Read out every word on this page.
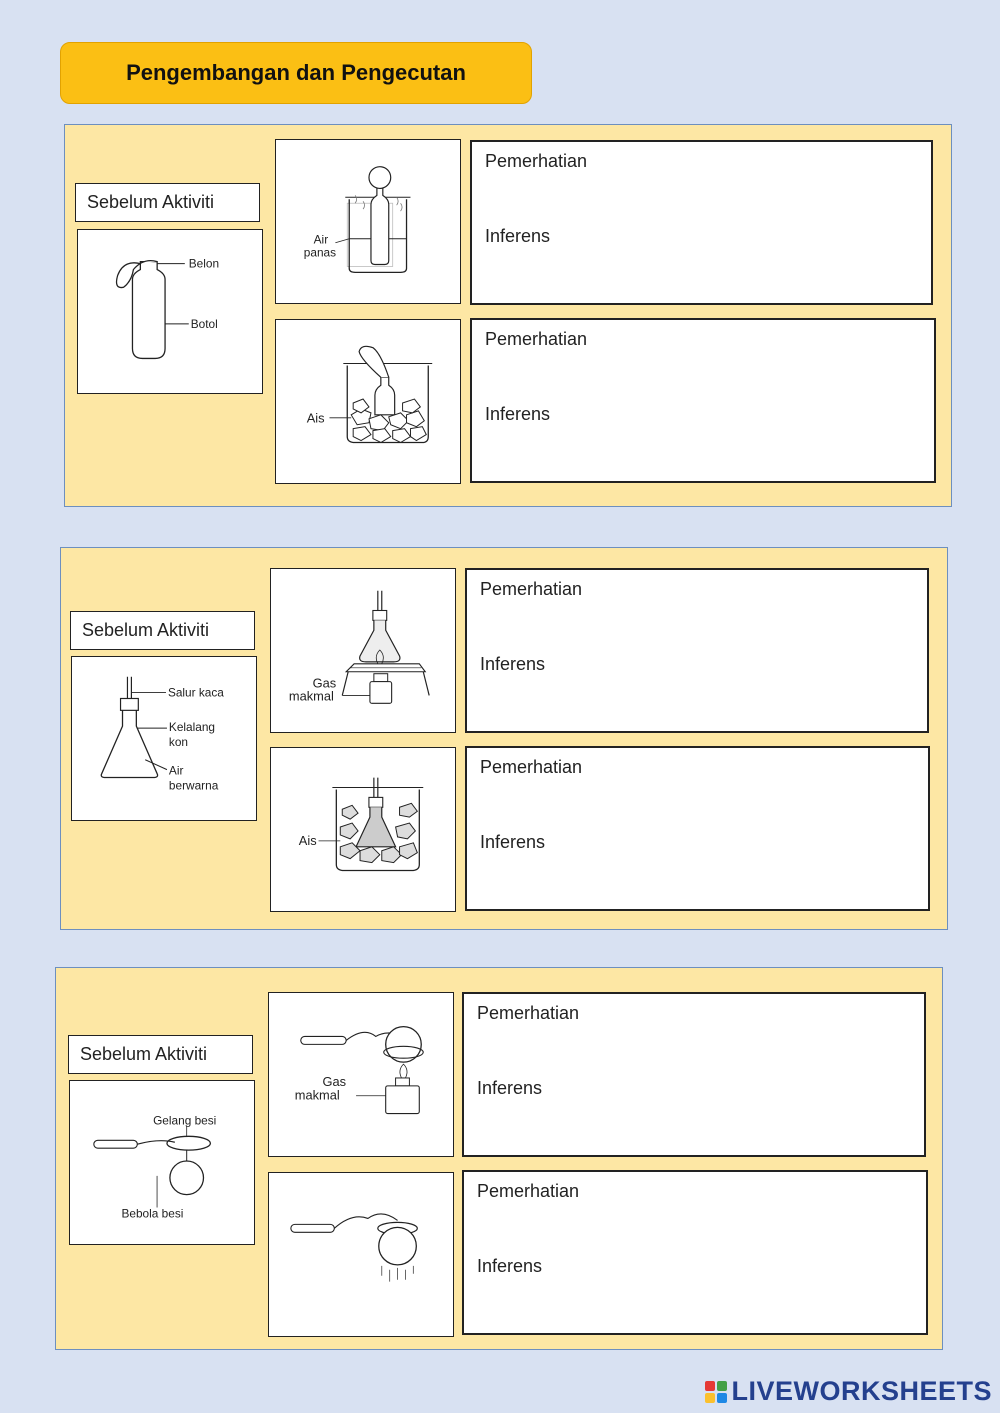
Pengembangan dan Pengecutan
Sebelum Aktiviti
Belon
Botol
Air
panas
Pemerhatian
Inferens
Ais
Pemerhatian
Inferens
Sebelum Aktiviti
Salur kaca
Kelalang
kon
Air
berwarna
Gas
makmal
Pemerhatian
Inferens
Ais
Pemerhatian
Inferens
Sebelum Aktiviti
Gelang besi
Bebola besi
Gas
makmal
Pemerhatian
Inferens
Pemerhatian
Inferens
LIVEWORKSHEETS
